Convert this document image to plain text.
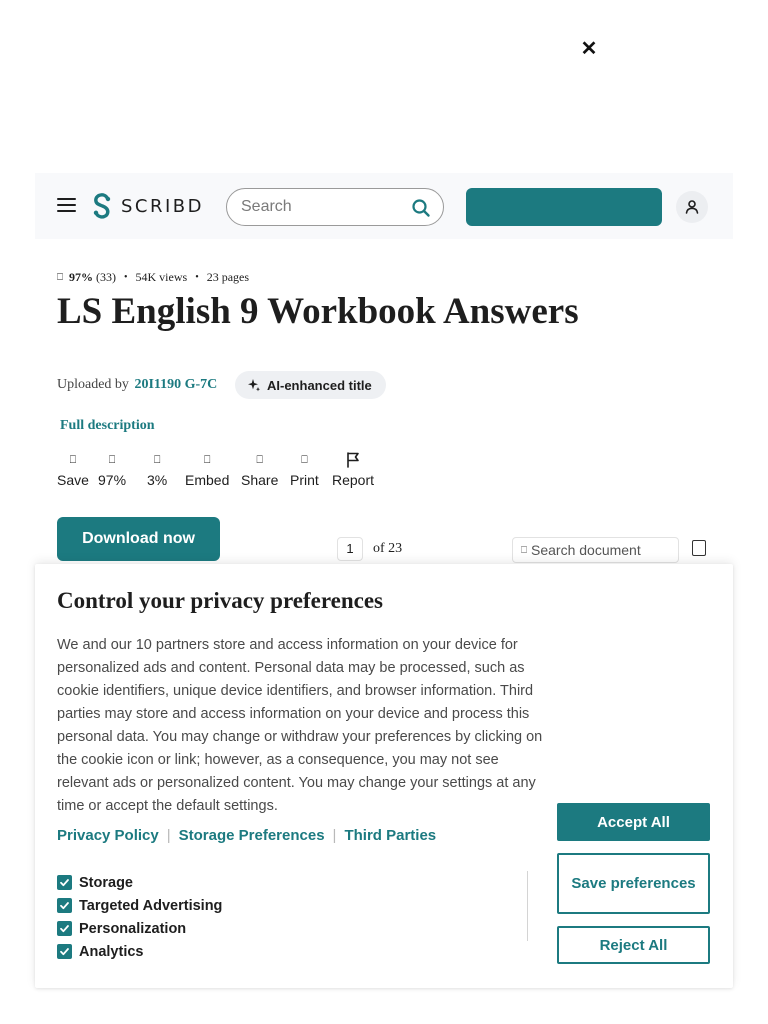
✕
SCRIBD
Search
⎕ 97% (33) • 54K views • 23 pages
LS English 9 Workbook Answers
Uploaded by 20I1190 G-7C	AI-enhanced title
Full description
⎕
Save
⎕
97%
⎕
3%
⎕
Embed
⎕
Share
⎕
Print Report
Download now
1	of 23	⎕ Search document
Control your privacy preferences

We and our 10 partners store and access information on your device for personalized ads and content. Personal data may be processed, such as cookie identifiers, unique device identifiers, and browser information. Third parties may store and access information on your device and process this personal data. You may change or withdraw your preferences by clicking on the cookie icon or link; however, as a consequence, you may not see relevant ads or personalized content. You may change your settings at any time or accept the default settings.

Privacy Policy | Storage Preferences | Third Parties
Storage
Targeted Advertising
Personalization
Analytics
Accept All
Save preferences
Reject All
